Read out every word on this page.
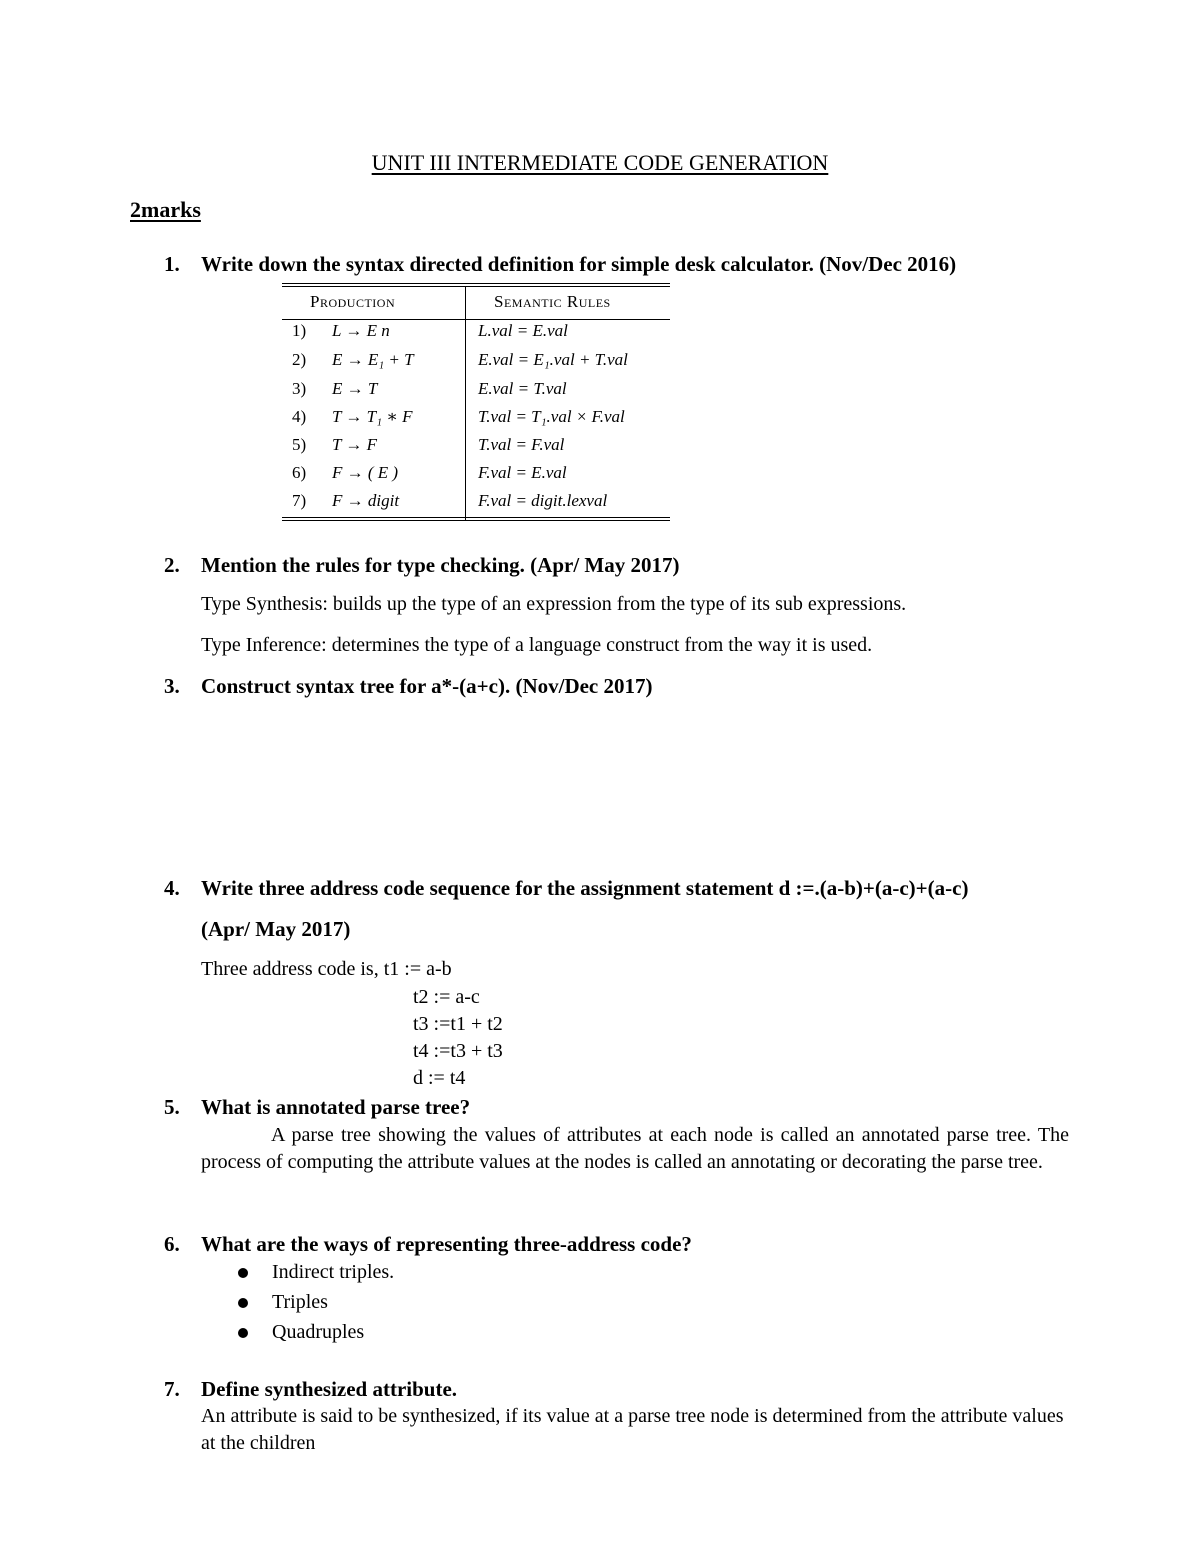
UNIT III INTERMEDIATE CODE GENERATION
2marks
1. Write down the syntax directed definition for simple desk calculator. (Nov/Dec 2016)
Production	Semantic Rules
1) L → E n	L.val = E.val
2) E → E₁ + T	E.val = E₁.val + T.val
3) E → T	E.val = T.val
4) T → T₁ ∗ F	T.val = T₁.val × F.val
5) T → F	T.val = F.val
6) F → ( E )	F.val = E.val
7) F → digit	F.val = digit.lexval
2. Mention the rules for type checking. (Apr/ May 2017)
Type Synthesis: builds up the type of an expression from the type of its sub expressions.
Type Inference: determines the type of a language construct from the way it is used.
3. Construct syntax tree for a*-(a+c). (Nov/Dec 2017)
4. Write three address code sequence for the assignment statement d :=.(a-b)+(a-c)+(a-c)
(Apr/ May 2017)
Three address code is, t1 := a-b
t2 := a-c
t3 :=t1 + t2
t4 :=t3 + t3
d := t4
5. What is annotated parse tree?
A parse tree showing the values of attributes at each node is called an annotated parse tree. The process of computing the attribute values at the nodes is called an annotating or decorating the parse tree.
6. What are the ways of representing three-address code?
Indirect triples.
Triples
Quadruples
7. Define synthesized attribute.
An attribute is said to be synthesized, if its value at a parse tree node is determined from the attribute values at the children
